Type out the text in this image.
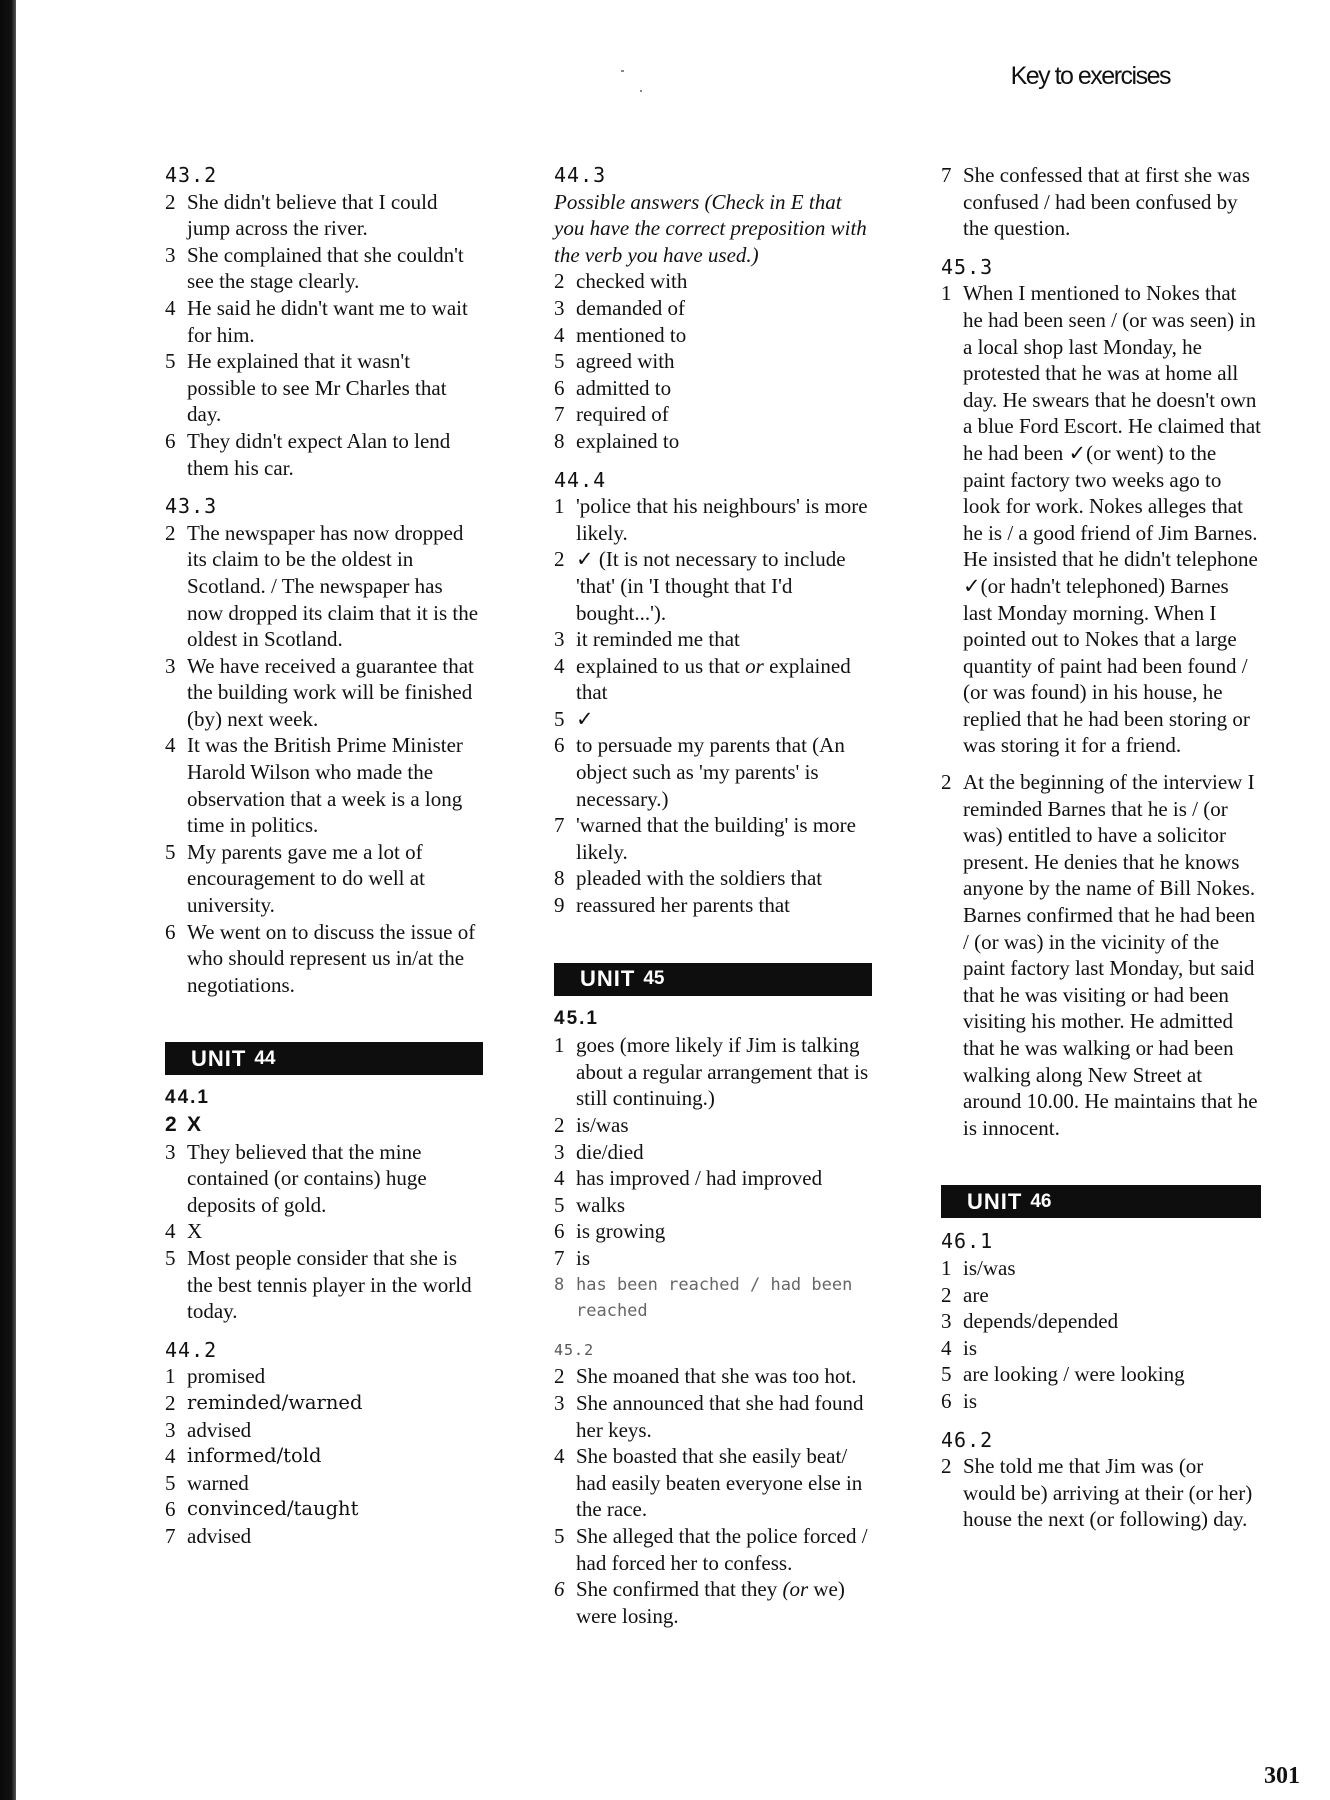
Key to exercises
43.2
2 She didn't believe that I could jump across the river.
3 She complained that she couldn't see the stage clearly.
4 He said he didn't want me to wait for him.
5 He explained that it wasn't possible to see Mr Charles that day.
6 They didn't expect Alan to lend them his car.
43.3
2 The newspaper has now dropped its claim to be the oldest in Scotland. / The newspaper has now dropped its claim that it is the oldest in Scotland.
3 We have received a guarantee that the building work will be finished (by) next week.
4 It was the British Prime Minister Harold Wilson who made the observation that a week is a long time in politics.
5 My parents gave me a lot of encouragement to do well at university.
6 We went on to discuss the issue of who should represent us in/at the negotiations.
UNIT 44
44.1
2 X
3 They believed that the mine contained (or contains) huge deposits of gold.
4 X
5 Most people consider that she is the best tennis player in the world today.
44.2
1 promised
2 reminded/warned
3 advised
4 informed/told
5 warned
6 convinced/taught
7 advised
44.3
Possible answers (Check in E that you have the correct preposition with the verb you have used.)
2 checked with
3 demanded of
4 mentioned to
5 agreed with
6 admitted to
7 required of
8 explained to
44.4
1 'police that his neighbours' is more likely.
2 ✓ (It is not necessary to include 'that' (in 'I thought that I'd bought...').
3 it reminded me that
4 explained to us that or explained that
5 ✓
6 to persuade my parents that (An object such as 'my parents' is necessary.)
7 'warned that the building' is more likely.
8 pleaded with the soldiers that
9 reassured her parents that
UNIT 45
45.1
1 goes (more likely if Jim is talking about a regular arrangement that is still continuing.)
2 is/was
3 die/died
4 has improved / had improved
5 walks
6 is growing
7 is
8 has been reached / had been reached
45.2
2 She moaned that she was too hot.
3 She announced that she had found her keys.
4 She boasted that she easily beat/ had easily beaten everyone else in the race.
5 She alleged that the police forced / had forced her to confess.
6 She confirmed that they (or we) were losing.
7 She confessed that at first she was confused / had been confused by the question.
45.3
1 When I mentioned to Nokes that he had been seen / (or was seen) in a local shop last Monday, he protested that he was at home all day. He swears that he doesn't own a blue Ford Escort. He claimed that he had been ✓(or went) to the paint factory two weeks ago to look for work. Nokes alleges that he is / a good friend of Jim Barnes. He insisted that he didn't telephone ✓(or hadn't telephoned) Barnes last Monday morning. When I pointed out to Nokes that a large quantity of paint had been found / (or was found) in his house, he replied that he had been storing or was storing it for a friend.
2 At the beginning of the interview I reminded Barnes that he is / (or was) entitled to have a solicitor present. He denies that he knows anyone by the name of Bill Nokes. Barnes confirmed that he had been / (or was) in the vicinity of the paint factory last Monday, but said that he was visiting or had been visiting his mother. He admitted that he was walking or had been walking along New Street at around 10.00. He maintains that he is innocent.
UNIT 46
46.1
1 is/was
2 are
3 depends/depended
4 is
5 are looking / were looking
6 is
46.2
2 She told me that Jim was (or would be) arriving at their (or her) house the next (or following) day.
301
